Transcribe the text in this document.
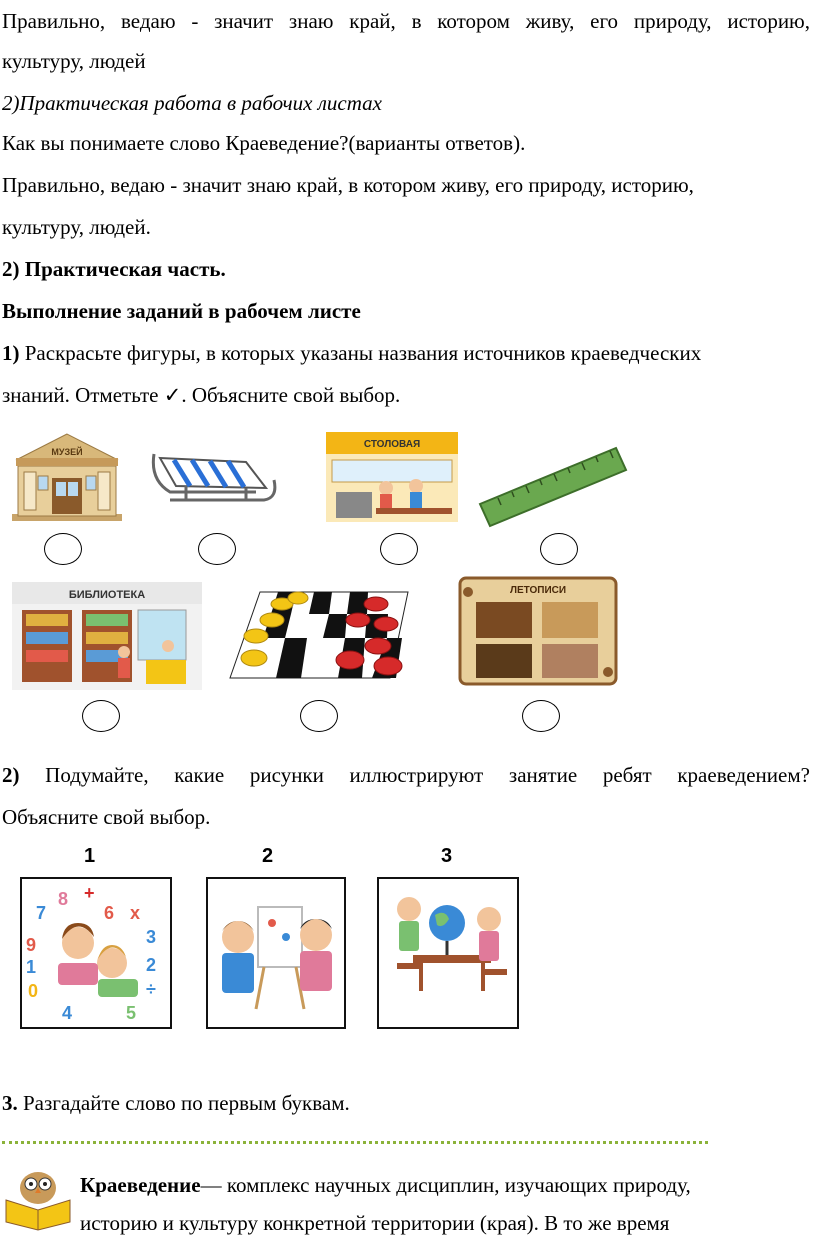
Правильно, ведаю - значит знаю край, в котором живу, его природу, историю,
культуру, людей
2)Практическая работа в рабочих листах
Как вы понимаете слово Краеведение?(варианты ответов).
Правильно, ведаю - значит знаю край, в котором живу, его природу, историю,
культуру, людей.
2) Практическая часть.
Выполнение заданий в рабочем листе
1) Раскрасьте фигуры, в которых указаны названия источников краеведческих
знаний. Отметьте ✓. Объясните свой выбор.
МУЗЕЙ
СТОЛОВАЯ
БИБЛИОТЕКА	ЛЕТОПИСИ
2) Подумайте, какие рисунки иллюстрируют занятие ребят краеведением?
Объясните свой выбор.
1	2	3
8
7	6
9
1
3
0
2
4	5
x
+
÷
3. Разгадайте слово по первым буквам.
Краеведение— комплекс научных дисциплин, изучающих природу,
историю и культуру конкретной территории (края). В то же время
